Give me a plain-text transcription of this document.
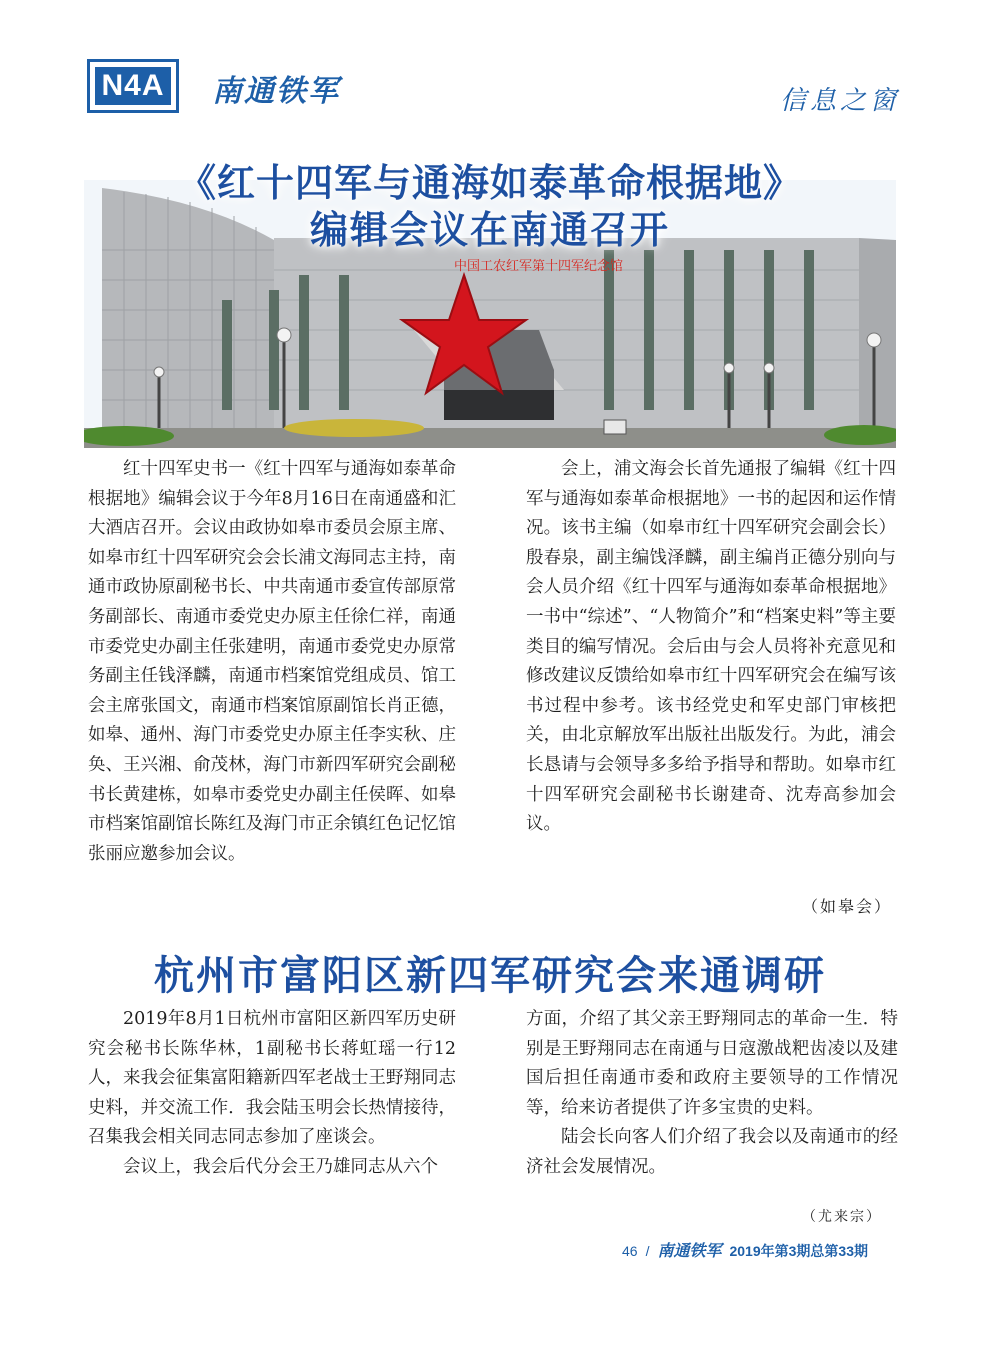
N4A 南通铁军	信息之窗
中国工农红军第十四军纪念馆
《红十四军与通海如泰革命根据地》
编辑会议在南通召开

红十四军史书一《红十四军与通海如泰革命根据地》编辑会议于今年8月16日在南通盛和汇大酒店召开。会议由政协如皋市委员会原主席、如皋市红十四军研究会会长浦文海同志主持，南通市政协原副秘书长、中共南通市委宣传部原常务副部长、南通市委党史办原主任徐仁祥，南通市委党史办副主任张建明，南通市委党史办原常务副主任钱泽麟，南通市档案馆党组成员、馆工会主席张国文，南通市档案馆原副馆长肖正德，如皋、通州、海门市委党史办原主任李实秋、庄奂、王兴湘、俞茂林，海门市新四军研究会副秘书长黄建栋，如皋市委党史办副主任侯晖、如皋市档案馆副馆长陈红及海门市正余镇红色记忆馆张丽应邀参加会议。

会上，浦文海会长首先通报了编辑《红十四军与通海如泰革命根据地》一书的起因和运作情况。该书主编（如皋市红十四军研究会副会长）殷春泉，副主编饯泽麟，副主编肖正德分别向与会人员介绍《红十四军与通海如泰革命根据地》一书中“综述”、“人物简介”和“档案史料”等主要类目的编写情况。会后由与会人员将补充意见和修改建议反馈给如皋市红十四军研究会在编写该书过程中参考。该书经党史和军史部门审核把关，由北京解放军出版社出版发行。为此，浦会长恳请与会领导多多给予指导和帮助。如皋市红十四军研究会副秘书长谢建奇、沈寿高参加会议。

（如皋会）
杭州市富阳区新四军研究会来通调研

2019年8月1日杭州市富阳区新四军历史研究会秘书长陈华林，1副秘书长蒋虹瑶一行12人，来我会征集富阳籍新四军老战士王野翔同志史料，并交流工作．我会陆玉明会长热情接待，召集我会相关同志同志参加了座谈会。

会议上，我会后代分会王乃雄同志从六个

方面，介绍了其父亲王野翔同志的革命一生．特别是王野翔同志在南通与日寇激战粑齿凌以及建国后担任南通市委和政府主要领导的工作情况等，给来访者提供了许多宝贵的史料。

陆会长向客人们介绍了我会以及南通市的经济社会发展情况。

（尤来宗）
46 / 南通铁军 2019年第3期总第33期
